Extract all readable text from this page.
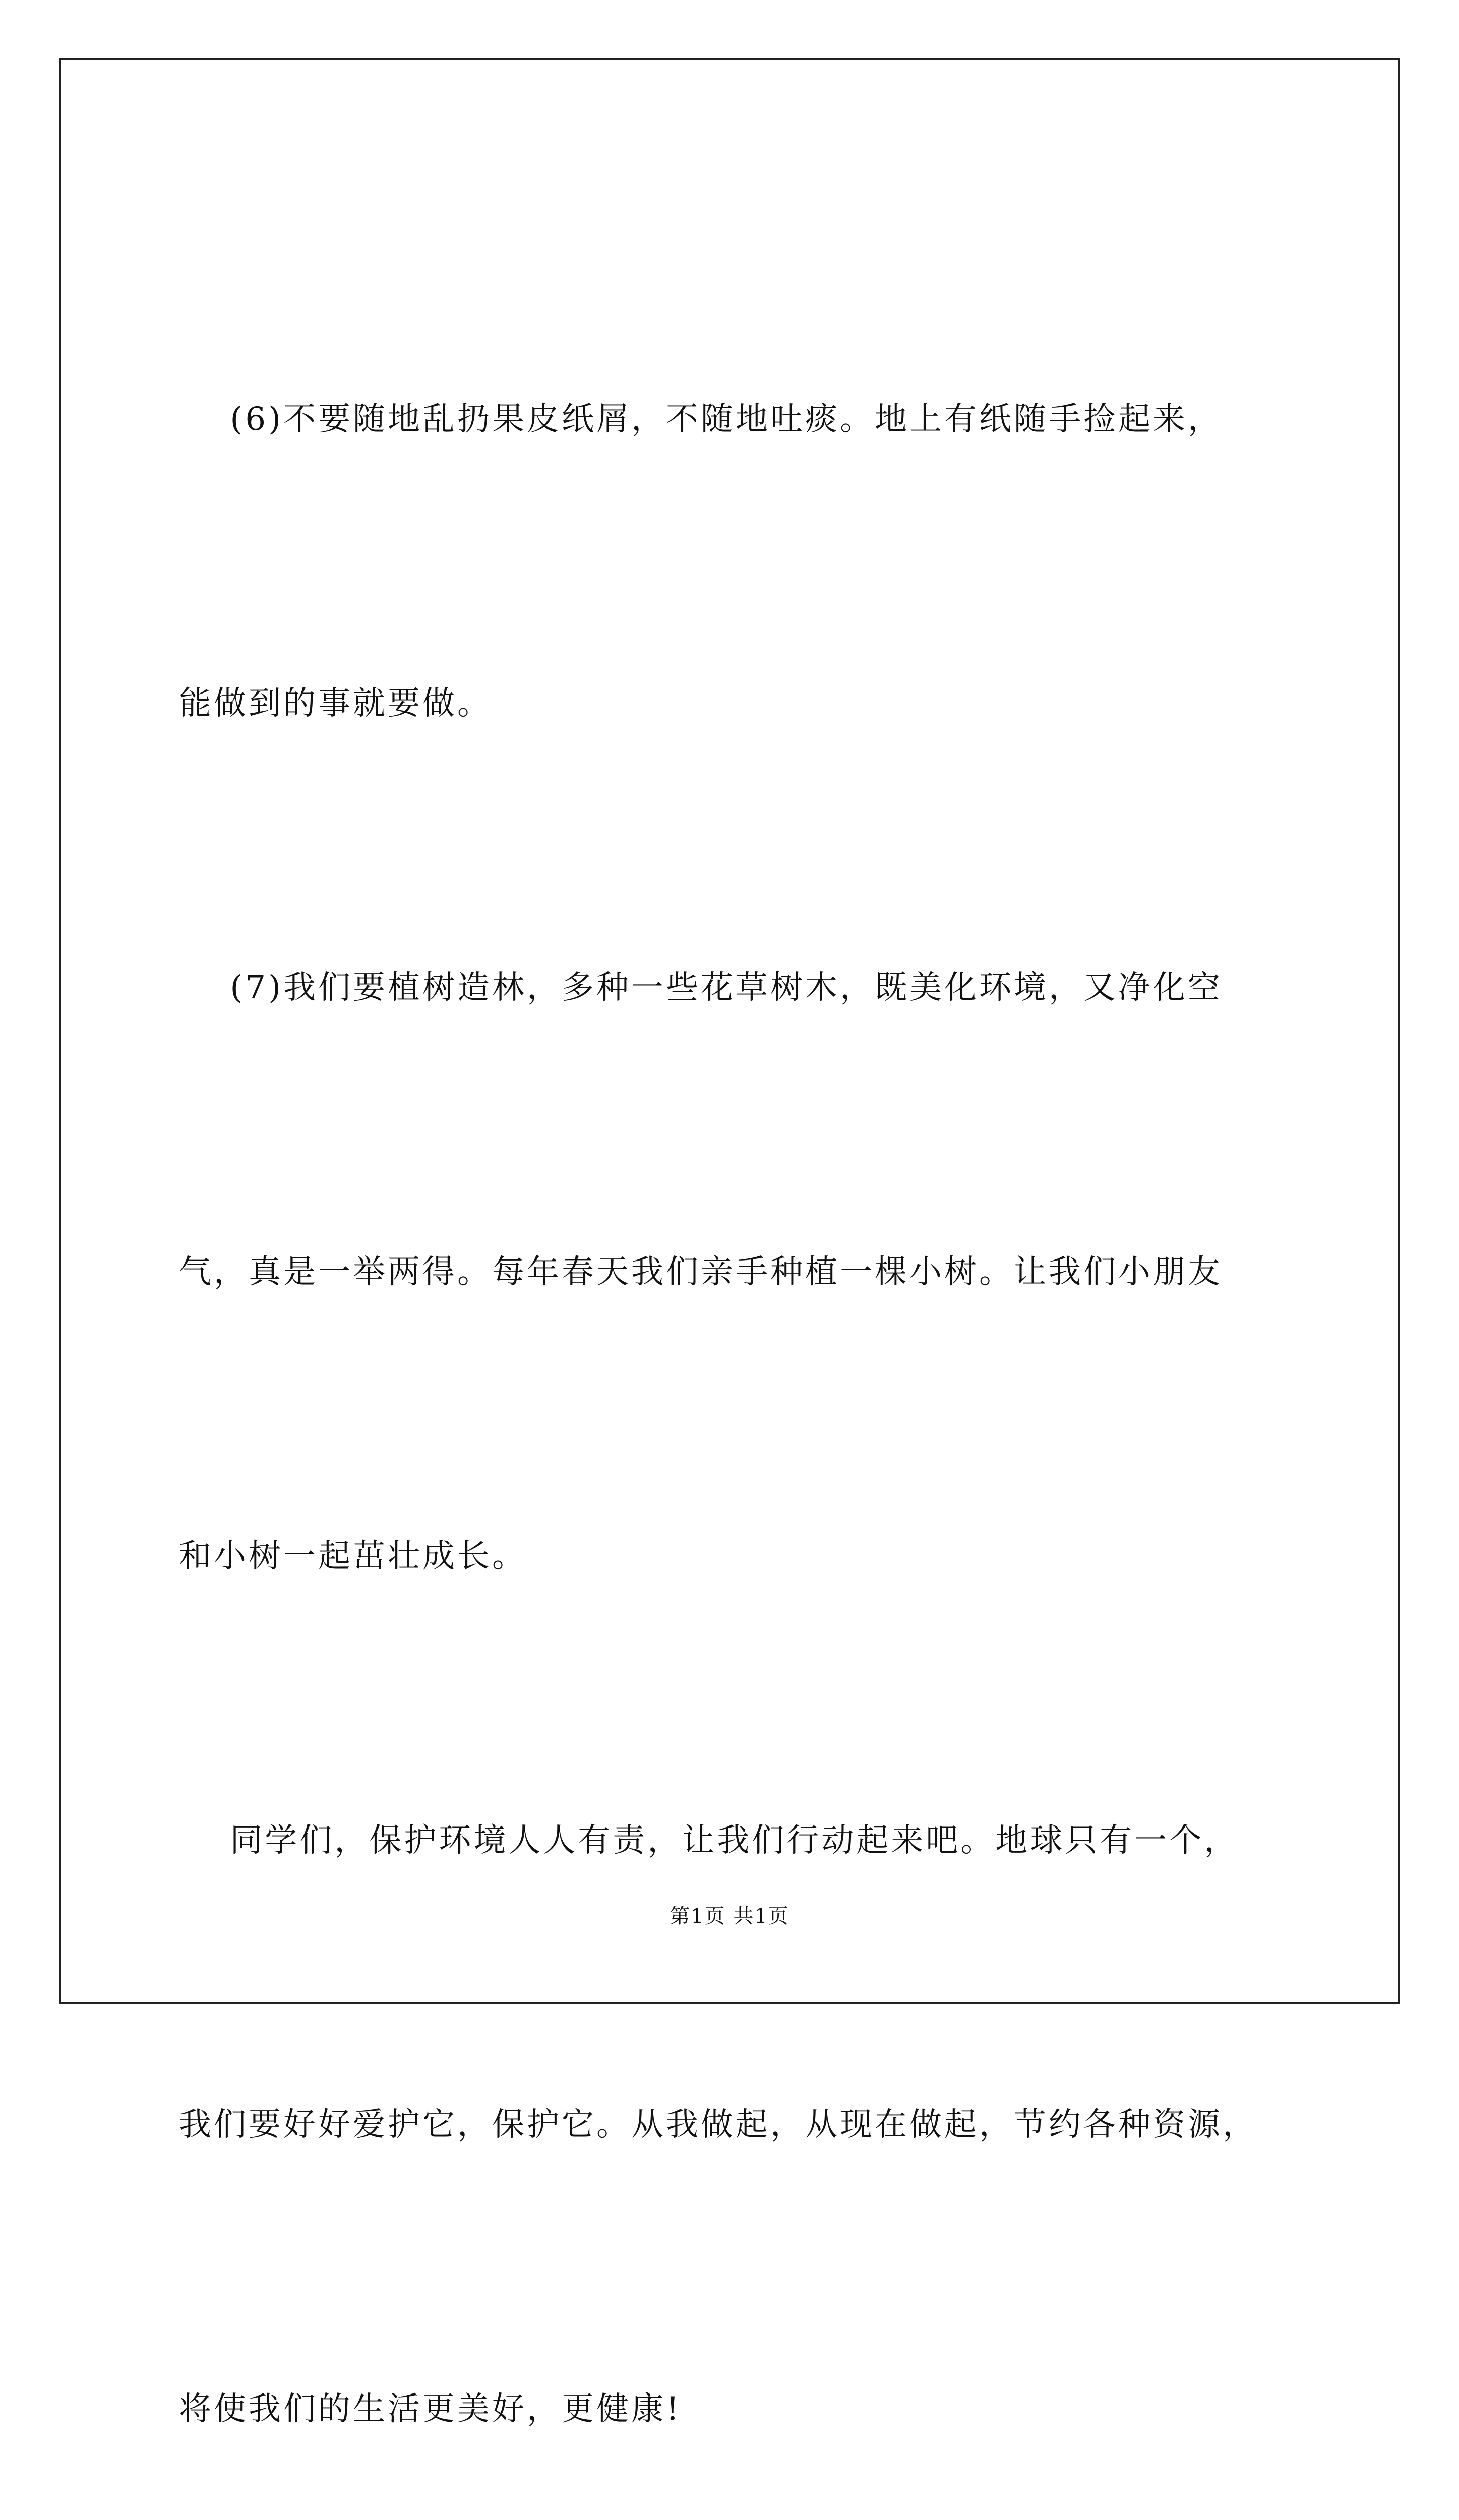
(6)不要随地乱扔果皮纸屑，不随地吐痰。地上有纸随手捡起来，

能做到的事就要做。

(7)我们要植树造林，多种一些花草树木，既美化环境，又净化空

气，真是一举两得。每年春天我们亲手种植一棵小树。让我们小朋友

和小树一起茁壮成长。

同学们，保护环境人人有责，让我们行动起来吧。地球只有一个，

我们要好好爱护它，保护它。从我做起，从现在做起，节约各种资源，

将使我们的生活更美好，更健康!

第1页 共1页
